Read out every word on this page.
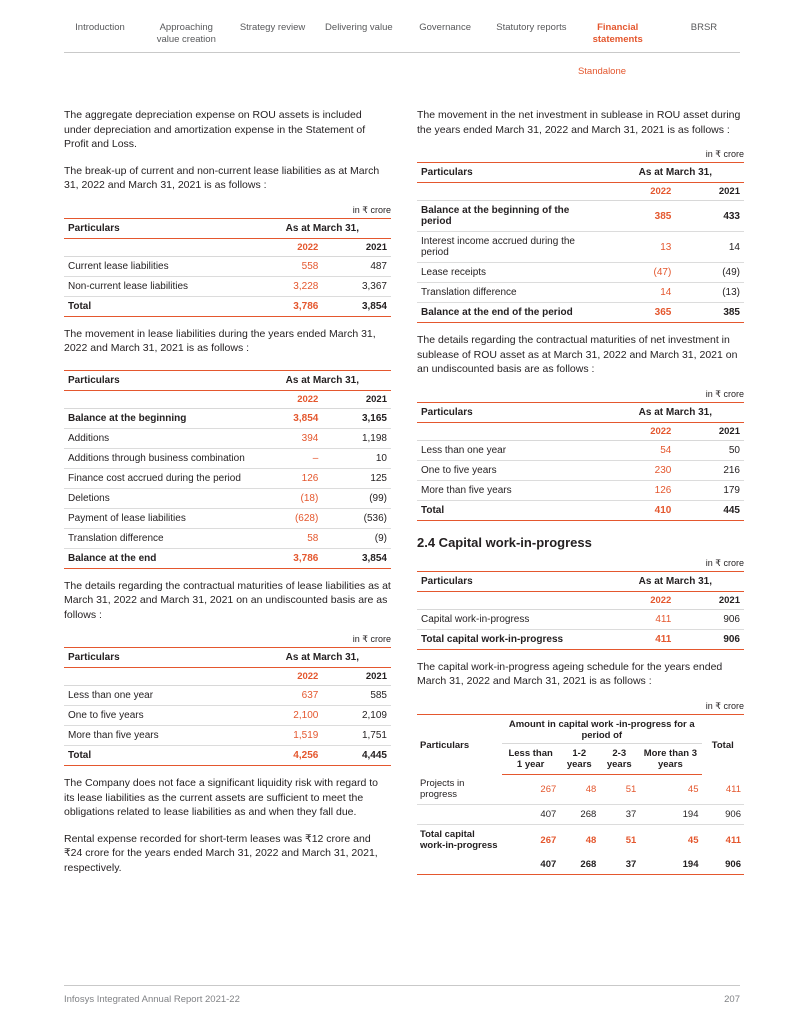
Introduction	Approaching value creation
Strategy review	Delivering value	Governance	Statutory reports	Financial statements
BRSR
Standalone

The aggregate depreciation expense on ROU assets is included under depreciation and amortization expense in the Statement of Profit and Loss.

The break-up of current and non-current lease liabilities as at March 31, 2022 and March 31, 2021 is as follows :

in ₹ crore
Particulars	As at March 31,	
	2022	2021
Current lease liabilities	558	487
Non-current lease liabilities	3,228	3,367
Total	3,786	3,854

The movement in lease liabilities during the years ended March 31, 2022 and March 31, 2021 is as follows :

Particulars	As at March 31,	
	2022	2021
Balance at the beginning	3,854	3,165
Additions	394	1,198
Additions through business combination	–	10
Finance cost accrued during the period	126	125
Deletions	(18)	(99)
Payment of lease liabilities	(628)	(536)
Translation difference	58	(9)
Balance at the end	3,786	3,854

The details regarding the contractual maturities of lease liabilities as at March 31, 2022 and March 31, 2021 on an undiscounted basis are as follows :

in ₹ crore
Particulars	As at March 31,	
	2022	2021
Less than one year	637	585
One to five years	2,100	2,109
More than five years	1,519	1,751
Total	4,256	4,445

The Company does not face a significant liquidity risk with regard to its lease liabilities as the current assets are sufficient to meet the obligations related to lease liabilities as and when they fall due.

Rental expense recorded for short-term leases was ₹12 crore and ₹24 crore for the years ended March 31, 2022 and March 31, 2021, respectively.

The movement in the net investment in sublease in ROU asset during the years ended March 31, 2022 and March 31, 2021 is as follows :

in ₹ crore
Particulars	As at March 31,	
	2022	2021
Balance at the beginning of the period	385	433
Interest income accrued during the period	13	14
Lease receipts	(47)	(49)
Translation difference	14	(13)
Balance at the end of the period	365	385

The details regarding the contractual maturities of net investment in sublease of ROU asset as at March 31, 2022 and March 31, 2021 on an undiscounted basis are as follows :

in ₹ crore
Particulars	As at March 31,	
	2022	2021
Less than one year	54	50
One to five years	230	216
More than five years	126	179
Total	410	445
2.4 Capital work-in-progress
in ₹ crore
Particulars	As at March 31,	
	2022	2021
Capital work-in-progress	411	906
Total capital work-in-progress	411	906

The capital work-in-progress ageing schedule for the years ended March 31, 2022 and March 31, 2021 is as follows :

in ₹ crore
Particulars	Amount in capital work -in-progress for a period of				Total
	Less than 1 year	1-2 years	2-3 years	More than 3 years	
Projects in progress	267	48	51	45	411
	407	268	37	194	906
Total capital work-in-progress	267	48	51	45	411
	407	268	37	194	906
Infosys Integrated Annual Report 2021-22	207
